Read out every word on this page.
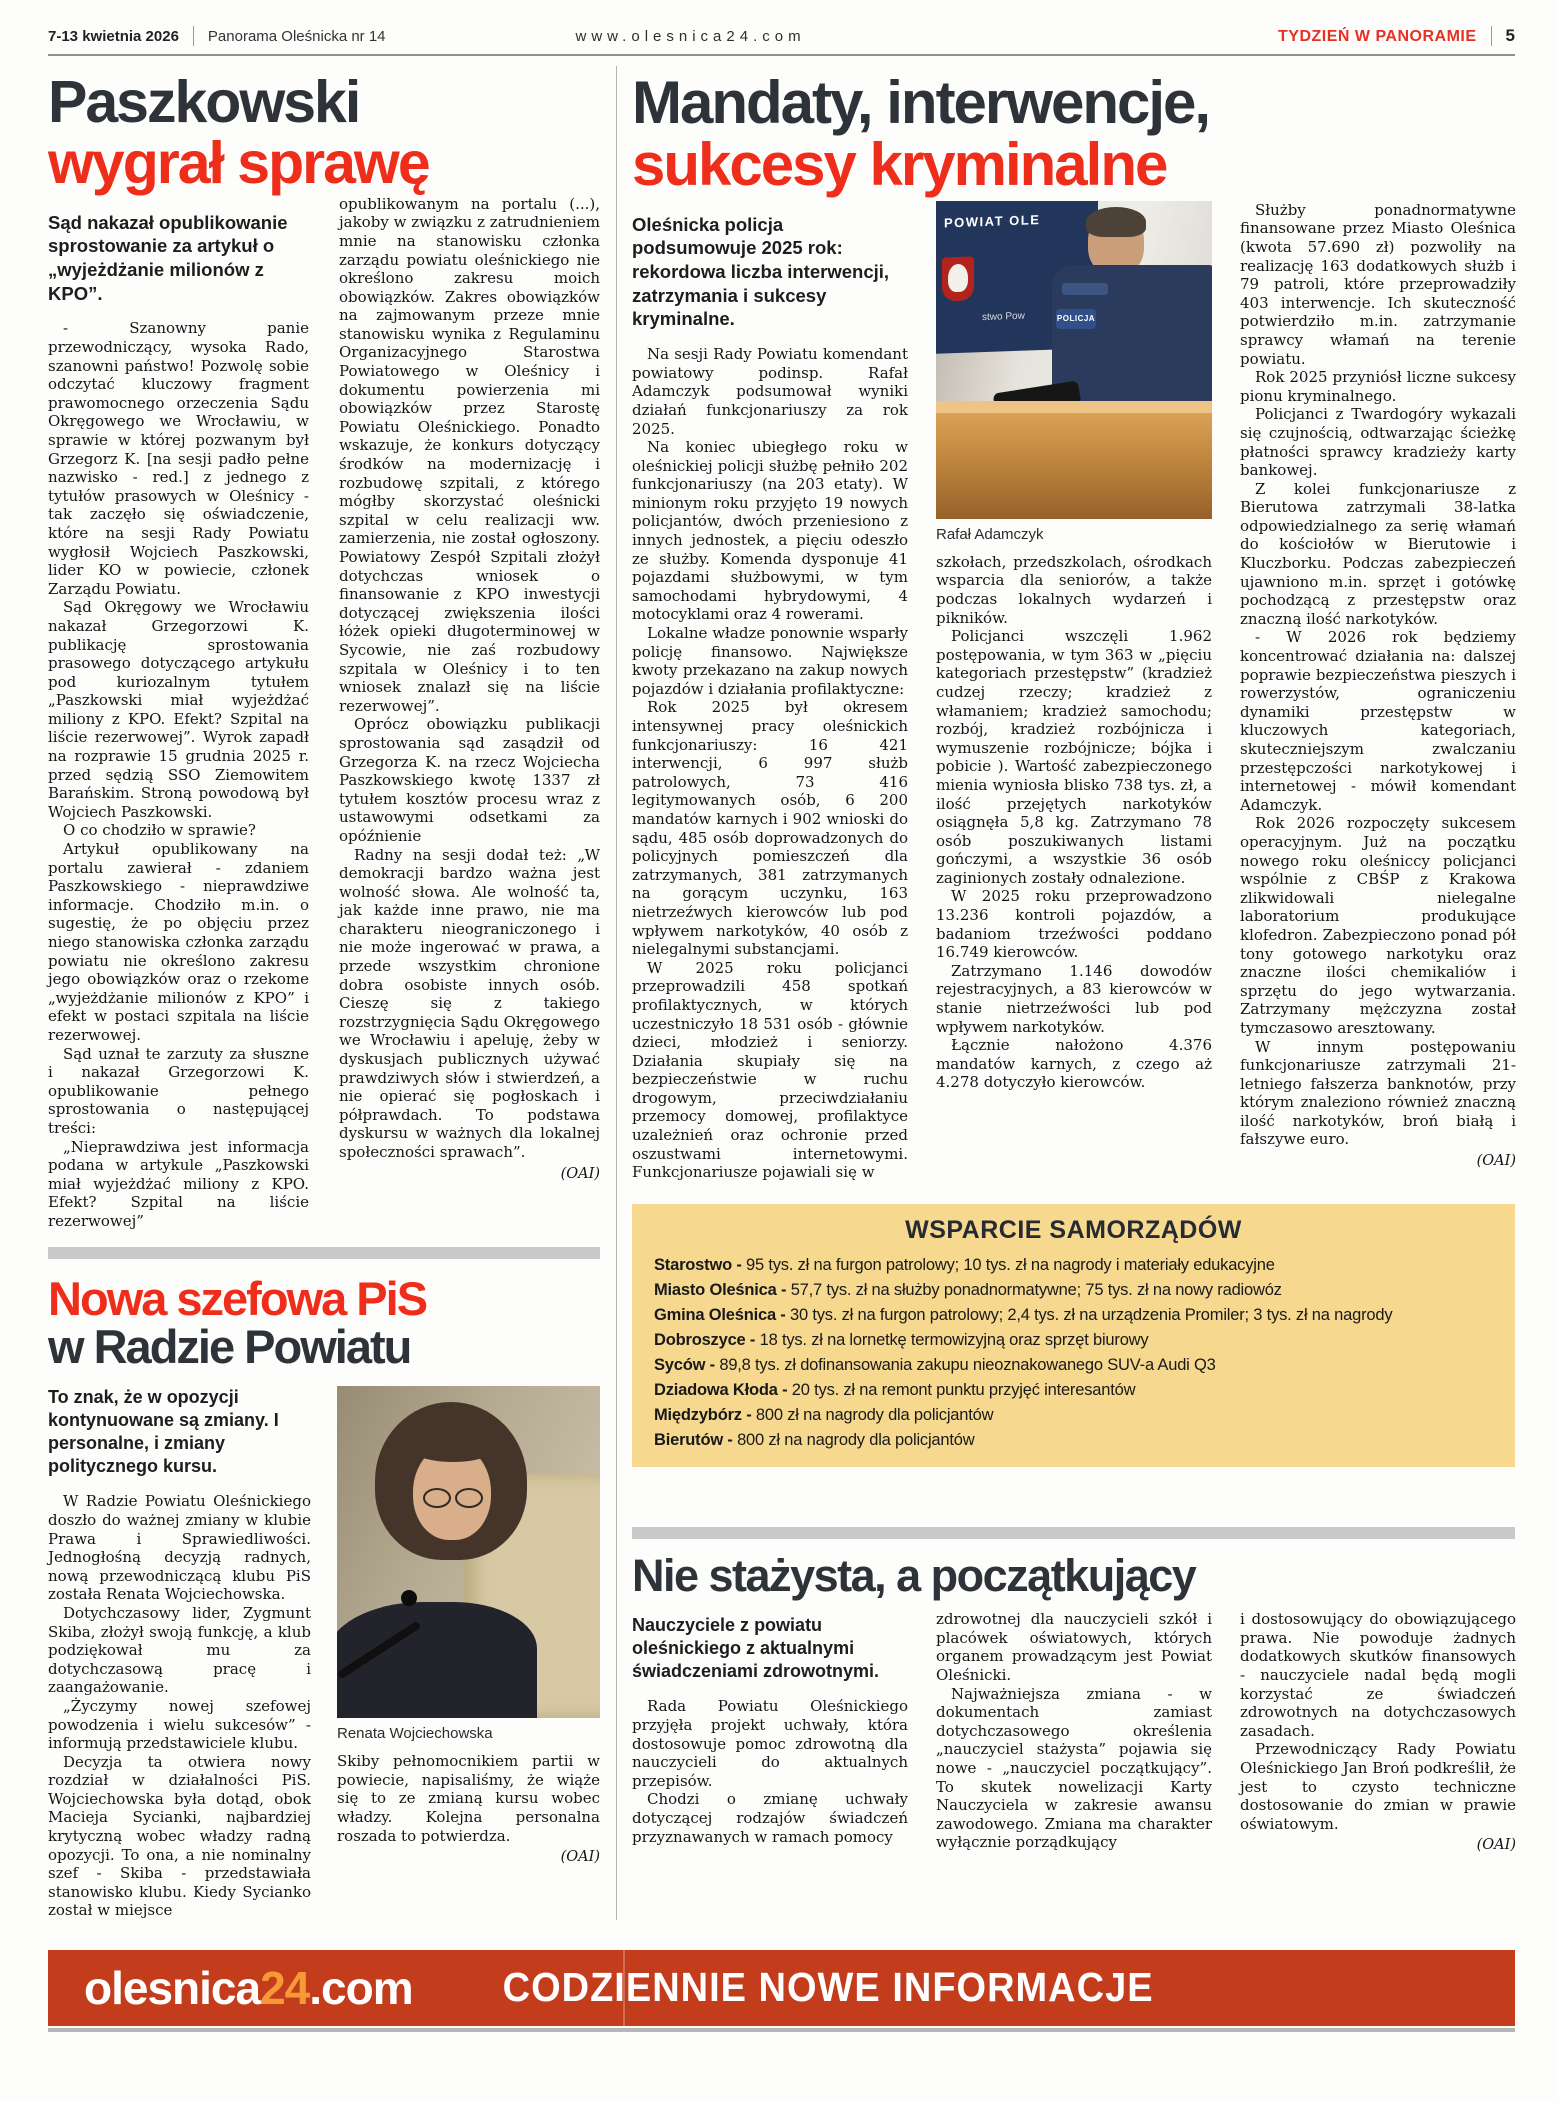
7-13 kwietnia 2026 Panorama Oleśnicka nr 14	www.olesnica24.com	TYDZIEŃ W PANORAMIE 5
Paszkowski
wygrał sprawę

Sąd nakazał opublikowanie sprostowanie za artykuł o „wyjeżdżanie milionów z KPO”.

- Szanowny panie przewodniczący, wysoka Rado, szanowni państwo! Pozwolę sobie odczytać kluczowy fragment prawomocnego orzeczenia Sądu Okręgowego we Wrocławiu, w sprawie w której pozwanym był Grzegorz K. [na sesji padło pełne nazwisko - red.] z jednego z tytułów prasowych w Oleśnicy - tak zaczęło się oświadczenie, które na sesji Rady Powiatu wygłosił Wojciech Paszkowski, lider KO w powiecie, członek Zarządu Powiatu.

Sąd Okręgowy we Wrocławiu nakazał Grzegorzowi K. publikację sprostowania prasowego dotyczącego artykułu pod kuriozalnym tytułem „Paszkowski miał wyjeżdżać miliony z KPO. Efekt? Szpital na liście rezerwowej”. Wyrok zapadł na rozprawie 15 grudnia 2025 r. przed sędzią SSO Ziemowitem Barańskim. Stroną powodową był Wojciech Paszkowski.

O co chodziło w sprawie?

Artykuł opublikowany na portalu zawierał - zdaniem Paszkowskiego - nieprawdziwe informacje. Chodziło m.in. o sugestię, że po objęciu przez niego stanowiska członka zarządu powiatu nie określono zakresu jego obowiązków oraz o rzekome „wyjeżdżanie milionów z KPO” i efekt w postaci szpitala na liście rezerwowej.

Sąd uznał te zarzuty za słuszne i nakazał Grzegorzowi K. opublikowanie pełnego sprostowania o następującej treści:

„Nieprawdziwa jest informacja podana w artykule „Paszkowski miał wyjeżdżać miliony z KPO. Efekt? Szpital na liście rezerwowej”

opublikowanym na portalu (...), jakoby w związku z zatrudnieniem mnie na stanowisku członka zarządu powiatu oleśnickiego nie określono zakresu moich obowiązków. Zakres obowiązków na zajmowanym przeze mnie stanowisku wynika z Regulaminu Organizacyjnego Starostwa Powiatowego w Oleśnicy i dokumentu powierzenia mi obowiązków przez Starostę Powiatu Oleśnickiego. Ponadto wskazuje, że konkurs dotyczący środków na modernizację i rozbudowę szpitali, z którego mógłby skorzystać oleśnicki szpital w celu realizacji ww. zamierzenia, nie został ogłoszony. Powiatowy Zespół Szpitali złożył dotychczas wniosek o finansowanie z KPO inwestycji dotyczącej zwiększenia ilości łóżek opieki długoterminowej w Sycowie, nie zaś rozbudowy szpitala w Oleśnicy i to ten wniosek znalazł się na liście rezerwowej”.

Oprócz obowiązku publikacji sprostowania sąd zasądził od Grzegorza K. na rzecz Wojciecha Paszkowskiego kwotę 1337 zł tytułem kosztów procesu wraz z ustawowymi odsetkami za opóźnienie

Radny na sesji dodał też: „W demokracji bardzo ważna jest wolność słowa. Ale wolność ta, jak każde inne prawo, nie ma charakteru nieograniczonego i nie może ingerować w prawa, a przede wszystkim chronione dobra osobiste innych osób. Cieszę się z takiego rozstrzygnięcia Sądu Okręgowego we Wrocławiu i apeluję, żeby w dyskusjach publicznych używać prawdziwych słów i stwierdzeń, a nie opierać się pogłoskach i półprawdach. To podstawa dyskursu w ważnych dla lokalnej społeczności sprawach”.

(OAI)

Nowa szefowa PiS
w Radzie Powiatu

To znak, że w opozycji kontynuowane są zmiany. I personalne, i zmiany politycznego kursu.

W Radzie Powiatu Oleśnickiego doszło do ważnej zmiany w klubie Prawa i Sprawiedliwości. Jednogłośną decyzją radnych, nową przewodniczącą klubu PiS została Renata Wojciechowska.

Dotychczasowy lider, Zygmunt Skiba, złożył swoją funkcję, a klub podziękował mu za dotychczasową pracę i zaangażowanie.

„Życzymy nowej szefowej powodzenia i wielu sukcesów” - informują przedstawiciele klubu.

Decyzja ta otwiera nowy rozdział w działalności PiS. Wojciechowska była dotąd, obok Macieja Sycianki, najbardziej krytyczną wobec władzy radną opozycji. To ona, a nie nominalny szef - Skiba - przedstawiała stanowisko klubu. Kiedy Sycianko został w miejsce

Renata Wojciechowska

Skiby pełnomocnikiem partii w powiecie, napisaliśmy, że wiąże się to ze zmianą kursu wobec władzy. Kolejna personalna roszada to potwierdza.

(OAI)

Mandaty, interwencje,
sukcesy kryminalne

Oleśnicka policja podsumowuje 2025 rok: rekordowa liczba interwencji, zatrzymania i sukcesy kryminalne.

Na sesji Rady Powiatu komendant powiatowy podinsp. Rafał Adamczyk podsumował wyniki działań funkcjonariuszy za rok 2025.

Na koniec ubiegłego roku w oleśnickiej policji służbę pełniło 202 funkcjonariuszy (na 203 etaty). W minionym roku przyjęto 19 nowych policjantów, dwóch przeniesiono z innych jednostek, a pięciu odeszło ze służby. Komenda dysponuje 41 pojazdami służbowymi, w tym samochodami hybrydowymi, 4 motocyklami oraz 4 rowerami.

Lokalne władze ponownie wsparły policję finansowo. Największe kwoty przekazano na zakup nowych pojazdów i działania profilaktyczne:

Rok 2025 był okresem intensywnej pracy oleśnickich funkcjonariuszy: 16 421 interwencji, 6 997 służb patrolowych, 73 416 legitymowanych osób, 6 200 mandatów karnych i 902 wnioski do sądu, 485 osób doprowadzonych do policyjnych pomieszczeń dla zatrzymanych, 381 zatrzymanych na gorącym uczynku, 163 nietrzeźwych kierowców lub pod wpływem narkotyków, 40 osób z nielegalnymi substancjami.

W 2025 roku policjanci przeprowadzili 458 spotkań profilaktycznych, w których uczestniczyło 18 531 osób - głównie dzieci, młodzież i seniorzy. Działania skupiały się na bezpieczeństwie w ruchu drogowym, przeciwdziałaniu przemocy domowej, profilaktyce uzależnień oraz ochronie przed oszustwami internetowymi. Funkcjonariusze pojawiali się w

POWIAT OLE
stwo Pow	POLICJA

Rafał Adamczyk

szkołach, przedszkolach, ośrodkach wsparcia dla seniorów, a także podczas lokalnych wydarzeń i pikników.

Policjanci wszczęli 1.962 postępowania, w tym 363 w „pięciu kategoriach przestępstw” (kradzież cudzej rzeczy; kradzież z włamaniem; kradzież samochodu; rozbój, kradzież rozbójnicza i wymuszenie rozbójnicze; bójka i pobicie ). Wartość zabezpieczonego mienia wyniosła blisko 738 tys. zł, a ilość przejętych narkotyków osiągnęła 5,8 kg. Zatrzymano 78 osób poszukiwanych listami gończymi, a wszystkie 36 osób zaginionych zostały odnalezione.

W 2025 roku przeprowadzono 13.236 kontroli pojazdów, a badaniom trzeźwości poddano 16.749 kierowców.

Zatrzymano 1.146 dowodów rejestracyjnych, a 83 kierowców w stanie nietrzeźwości lub pod wpływem narkotyków.

Łącznie nałożono 4.376 mandatów karnych, z czego aż 4.278 dotyczyło kierowców.

Służby ponadnormatywne finansowane przez Miasto Oleśnica (kwota 57.690 zł) pozwoliły na realizację 163 dodatkowych służb i 79 patroli, które przeprowadziły 403 interwencje. Ich skuteczność potwierdziło m.in. zatrzymanie sprawcy włamań na terenie powiatu.

Rok 2025 przyniósł liczne sukcesy pionu kryminalnego.

Policjanci z Twardogóry wykazali się czujnością, odtwarzając ścieżkę płatności sprawcy kradzieży karty bankowej.

Z kolei funkcjonariusze z Bierutowa zatrzymali 38-latka odpowiedzialnego za serię włamań do kościołów w Bierutowie i Kluczborku. Podczas zabezpieczeń ujawniono m.in. sprzęt i gotówkę pochodzącą z przestępstw oraz znaczną ilość narkotyków.

- W 2026 rok będziemy koncentrować działania na: dalszej poprawie bezpieczeństwa pieszych i rowerzystów, ograniczeniu dynamiki przestępstw w kluczowych kategoriach, skuteczniejszym zwalczaniu przestępczości narkotykowej i internetowej - mówił komendant Adamczyk.

Rok 2026 rozpoczęty sukcesem operacyjnym. Już na początku nowego roku oleśniccy policjanci wspólnie z CBŚP z Krakowa zlikwidowali nielegalne laboratorium produkujące klofedron. Zabezpieczono ponad pół tony gotowego narkotyku oraz znaczne ilości chemikaliów i sprzętu do jego wytwarzania. Zatrzymany mężczyzna został tymczasowo aresztowany.

W innym postępowaniu funkcjonariusze zatrzymali 21-letniego fałszerza banknotów, przy którym znaleziono również znaczną ilość narkotyków, broń białą i fałszywe euro.

(OAI)

WSPARCIE SAMORZĄDÓW

Starostwo - 95 tys. zł na furgon patrolowy; 10 tys. zł na nagrody i materiały edukacyjne

Miasto Oleśnica - 57,7 tys. zł na służby ponadnormatywne; 75 tys. zł na nowy radiowóz

Gmina Oleśnica - 30 tys. zł na furgon patrolowy; 2,4 tys. zł na urządzenia Promiler; 3 tys. zł na nagrody

Dobroszyce - 18 tys. zł na lornetkę termowizyjną oraz sprzęt biurowy

Syców - 89,8 tys. zł dofinansowania zakupu nieoznakowanego SUV-a Audi Q3

Dziadowa Kłoda - 20 tys. zł na remont punktu przyjęć interesantów

Międzybórz - 800 zł na nagrody dla policjantów

Bierutów - 800 zł na nagrody dla policjantów

Nie stażysta, a początkujący

Nauczyciele z powiatu oleśnickiego z aktualnymi świadczeniami zdrowotnymi.

Rada Powiatu Oleśnickiego przyjęła projekt uchwały, która dostosowuje pomoc zdrowotną dla nauczycieli do aktualnych przepisów.

Chodzi o zmianę uchwały dotyczącej rodzajów świadczeń przyznawanych w ramach pomocy

zdrowotnej dla nauczycieli szkół i placówek oświatowych, których organem prowadzącym jest Powiat Oleśnicki.

Najważniejsza zmiana - w dokumentach zamiast dotychczasowego określenia „nauczyciel stażysta” pojawia się nowe - „nauczyciel początkujący”. To skutek nowelizacji Karty Nauczyciela w zakresie awansu zawodowego. Zmiana ma charakter wyłącznie porządkujący

i dostosowujący do obowiązującego prawa. Nie powoduje żadnych dodatkowych skutków finansowych - nauczyciele nadal będą mogli korzystać ze świadczeń zdrowotnych na dotychczasowych zasadach.

Przewodniczący Rady Powiatu Oleśnickiego Jan Broń podkreślił, że jest to czysto techniczne dostosowanie do zmian w prawie oświatowym.

(OAI)

olesnica24.com CODZIENNIE NOWE INFORMACJE
